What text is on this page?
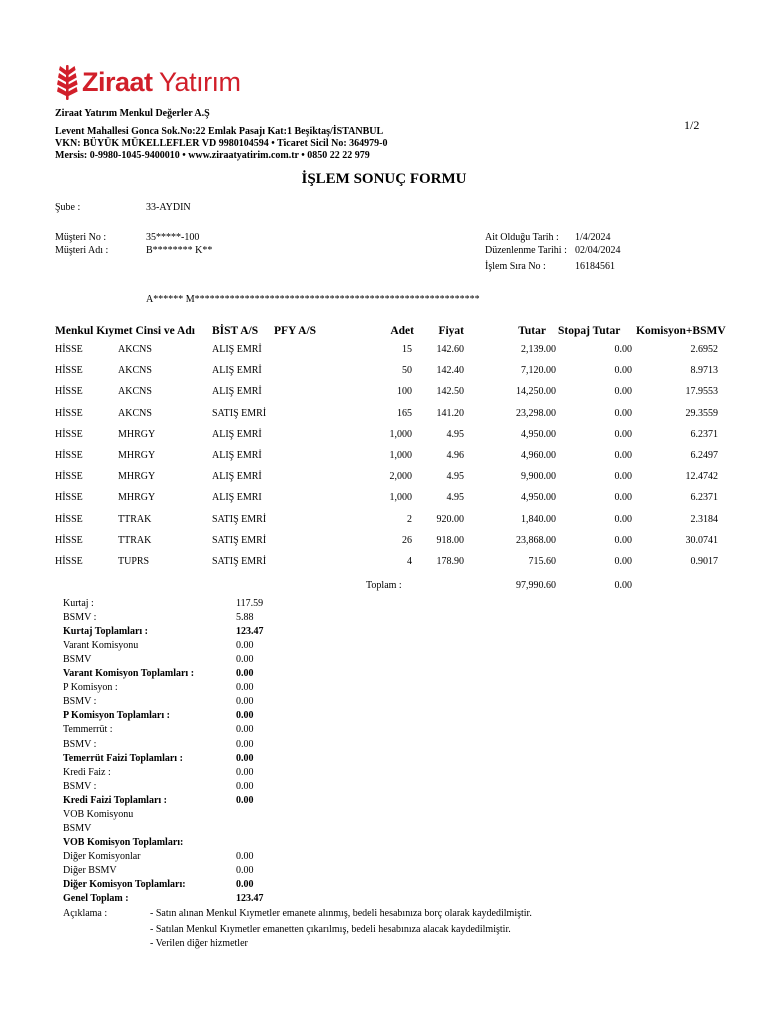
Ziraat Yatırım
Ziraat Yatırım Menkul Değerler A.Ş
Levent Mahallesi Gonca Sok.No:22 Emlak Pasajı Kat:1 Beşiktaş/İSTANBUL
VKN: BÜYÜK MÜKELLEFLER VD 9980104594 • Ticaret Sicil No: 364979-0
Mersis: 0-9980-1045-9400010 • www.ziraatyatirim.com.tr • 0850 22 22 979
1/2
İŞLEM SONUÇ FORMU
Şube :	33-AYDIN
Müşteri No :	35*****-100
Müşteri Adı :	B******** K**
Ait Olduğu Tarih : 1/4/2024
Düzenlenme Tarihi : 02/04/2024
İşlem Sıra No :	16184561
A****** M*********************************************************
Menkul Kıymet Cinsi ve Adı BİST A/S PFY A/S	Adet	Fiyat	Tutar Stopaj Tutar Komisyon+BSMV
HİSSE	AKCNS	ALIŞ EMRİ	15	142.60	2,139.00	0.00	2.6952
HİSSE	AKCNS	ALIŞ EMRİ	50	142.40	7,120.00	0.00	8.9713
HİSSE	AKCNS	ALIŞ EMRİ	100	142.50	14,250.00	0.00	17.9553
HİSSE	AKCNS	SATIŞ EMRİ	165	141.20	23,298.00	0.00	29.3559
HİSSE	MHRGY	ALIŞ EMRİ	1,000	4.95	4,950.00	0.00	6.2371
HİSSE	MHRGY	ALIŞ EMRİ	1,000	4.96	4,960.00	0.00	6.2497
HİSSE	MHRGY	ALIŞ EMRİ	2,000	4.95	9,900.00	0.00	12.4742
HİSSE	MHRGY	ALIŞ EMRI	1,000	4.95	4,950.00	0.00	6.2371
HİSSE	TTRAK	SATIŞ EMRİ	2	920.00	1,840.00	0.00	2.3184
HİSSE	TTRAK	SATIŞ EMRİ	26	918.00	23,868.00	0.00	30.0741
HİSSE	TUPRS	SATIŞ EMRİ	4	178.90	715.60	0.00	0.9017
Toplam :	97,990.60	0.00
Kurtaj :	117.59
BSMV :	5.88
Kurtaj Toplamları :	123.47
Varant Komisyonu	0.00
BSMV	0.00
Varant Komisyon Toplamları :	0.00
P Komisyon :	0.00
BSMV :	0.00
P Komisyon Toplamları :	0.00
Temmerrüt :	0.00
BSMV :	0.00
Temerrüt Faizi Toplamları :	0.00
Kredi Faiz :	0.00
BSMV :	0.00
Kredi Faizi Toplamları :	0.00
VOB Komisyonu
BSMV
VOB Komisyon Toplamları:
Diğer Komisyonlar	0.00
Diğer BSMV	0.00
Diğer Komisyon Toplamları:	0.00
Genel Toplam :	123.47
Açıklama :	- Satın alınan Menkul Kıymetler emanete alınmış, bedeli hesabınıza borç olarak kaydedilmiştir.
- Satılan Menkul Kıymetler emanetten çıkarılmış, bedeli hesabınıza alacak kaydedilmiştir.
- Verilen diğer hizmetler
